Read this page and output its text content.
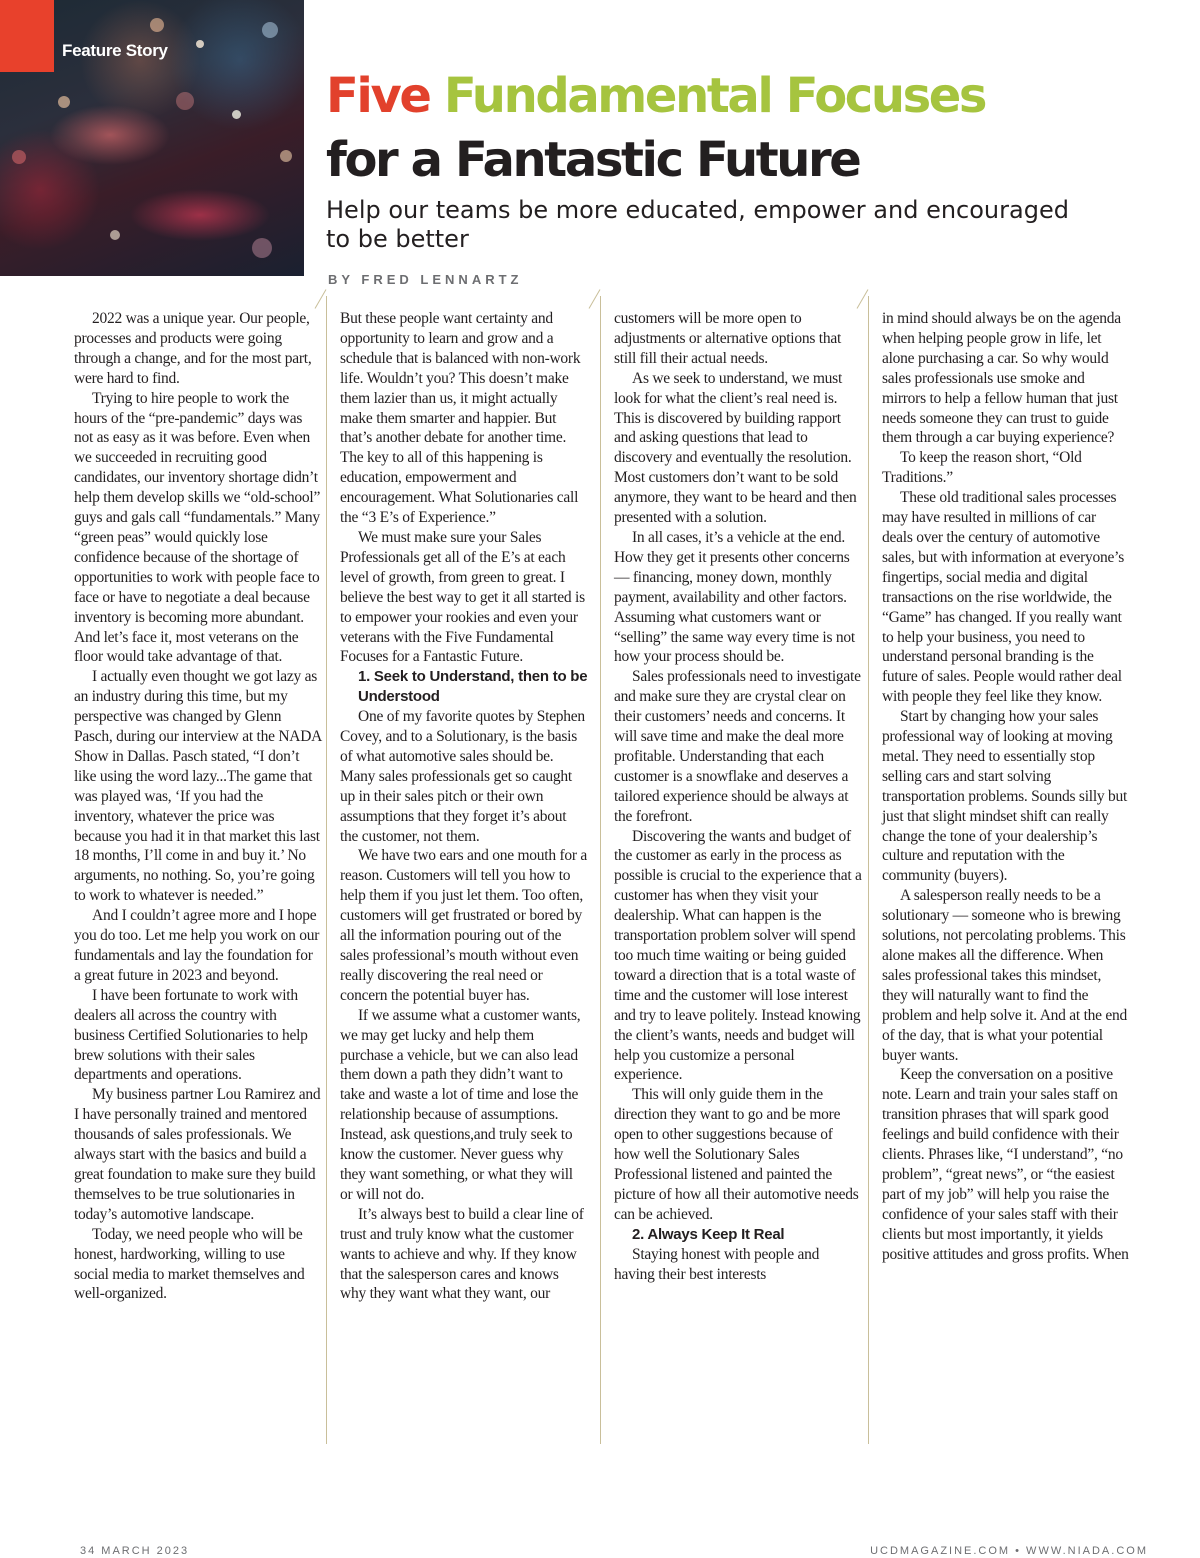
Feature Story
Five Fundamental Focuses
for a Fantastic Future
Help our teams be more educated, empower and encouraged to be better
BY FRED LENNARTZ

2022 was a unique year. Our people, processes and products were going through a change, and for the most part, were hard to find.

Trying to hire people to work the hours of the “pre-pandemic” days was not as easy as it was before. Even when we succeeded in recruiting good candidates, our inventory shortage didn’t help them develop skills we “old-school” guys and gals call “fundamentals.” Many “green peas” would quickly lose confidence because of the shortage of opportunities to work with people face to face or have to negotiate a deal because inventory is becoming more abundant. And let’s face it, most veterans on the floor would take advantage of that.

I actually even thought we got lazy as an industry during this time, but my perspective was changed by Glenn Pasch, during our interview at the NADA Show in Dallas. Pasch stated, “I don’t like using the word lazy...The game that was played was, ‘If you had the inventory, whatever the price was because you had it in that market this last 18 months, I’ll come in and buy it.’ No arguments, no nothing. So, you’re going to work to whatever is needed.”

And I couldn’t agree more and I hope you do too. Let me help you work on our fundamentals and lay the foundation for a great future in 2023 and beyond.

I have been fortunate to work with dealers all across the country with business Certified Solutionaries to help brew solutions with their sales departments and operations.

My business partner Lou Ramirez and I have personally trained and mentored thousands of sales professionals. We always start with the basics and build a great foundation to make sure they build themselves to be true solutionaries in today’s automotive landscape.

Today, we need people who will be honest, hardworking, willing to use social media to market themselves and well-organized.

But these people want certainty and opportunity to learn and grow and a schedule that is balanced with non-work life. Wouldn’t you? This doesn’t make them lazier than us, it might actually make them smarter and happier. But that’s another debate for another time. The key to all of this happening is education, empowerment and encouragement. What Solutionaries call the “3 E’s of Experience.”

We must make sure your Sales Professionals get all of the E’s at each level of growth, from green to great. I believe the best way to get it all started is to empower your rookies and even your veterans with the Five Fundamental Focuses for a Fantastic Future.

1. Seek to Understand, then to be Understood

One of my favorite quotes by Stephen Covey, and to a Solutionary, is the basis of what automotive sales should be. Many sales professionals get so caught up in their sales pitch or their own assumptions that they forget it’s about the customer, not them.

We have two ears and one mouth for a reason. Customers will tell you how to help them if you just let them. Too often, customers will get frustrated or bored by all the information pouring out of the sales professional’s mouth without even really discovering the real need or concern the potential buyer has.

If we assume what a customer wants, we may get lucky and help them purchase a vehicle, but we can also lead them down a path they didn’t want to take and waste a lot of time and lose the relationship because of assumptions. Instead, ask questions,and truly seek to know the customer. Never guess why they want something, or what they will or will not do.

It’s always best to build a clear line of trust and truly know what the customer wants to achieve and why. If they know that the salesperson cares and knows why they want what they want, our

customers will be more open to adjustments or alternative options that still fill their actual needs.

As we seek to understand, we must look for what the client’s real need is. This is discovered by building rapport and asking questions that lead to discovery and eventually the resolution. Most customers don’t want to be sold anymore, they want to be heard and then presented with a solution.

In all cases, it’s a vehicle at the end. How they get it presents other concerns — financing, money down, monthly payment, availability and other factors. Assuming what customers want or “selling” the same way every time is not how your process should be.

Sales professionals need to investigate and make sure they are crystal clear on their customers’ needs and concerns. It will save time and make the deal more profitable. Understanding that each customer is a snowflake and deserves a tailored experience should be always at the forefront.

Discovering the wants and budget of the customer as early in the process as possible is crucial to the experience that a customer has when they visit your dealership. What can happen is the transportation problem solver will spend too much time waiting or being guided toward a direction that is a total waste of time and the customer will lose interest and try to leave politely. Instead knowing the client’s wants, needs and budget will help you customize a personal experience.

This will only guide them in the direction they want to go and be more open to other suggestions because of how well the Solutionary Sales Professional listened and painted the picture of how all their automotive needs can be achieved.

2. Always Keep It Real

Staying honest with people and having their best interests

in mind should always be on the agenda when helping people grow in life, let alone purchasing a car. So why would sales professionals use smoke and mirrors to help a fellow human that just needs someone they can trust to guide them through a car buying experience?

To keep the reason short, “Old Traditions.”

These old traditional sales processes may have resulted in millions of car deals over the century of automotive sales, but with information at everyone’s fingertips, social media and digital transactions on the rise worldwide, the “Game” has changed. If you really want to help your business, you need to understand personal branding is the future of sales. People would rather deal with people they feel like they know.

Start by changing how your sales professional way of looking at moving metal. They need to essentially stop selling cars and start solving transportation problems. Sounds silly but just that slight mindset shift can really change the tone of your dealership’s culture and reputation with the community (buyers).

A salesperson really needs to be a solutionary — someone who is brewing solutions, not percolating problems. This alone makes all the difference. When sales professional takes this mindset, they will naturally want to find the problem and help solve it. And at the end of the day, that is what your potential buyer wants.

Keep the conversation on a positive note. Learn and train your sales staff on transition phrases that will spark good feelings and build confidence with their clients. Phrases like, “I understand”, “no problem”, “great news”, or “the easiest part of my job” will help you raise the confidence of your sales staff with their clients but most importantly, it yields positive attitudes and gross profits. When

34 MARCH 2023	UCDMAGAZINE.COM • WWW.NIADA.COM
